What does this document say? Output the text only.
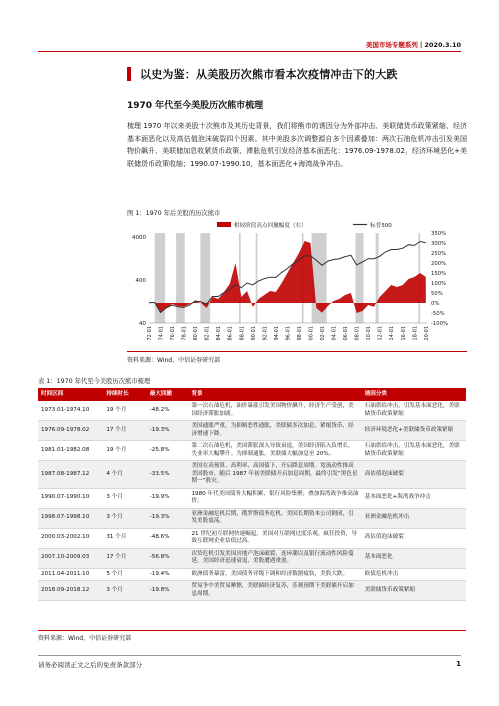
美国市场专题系列丨2020.3.10
以史为鉴：从美股历次熊市看本次疫情冲击下的大跌
1970 年代至今美股历次熊市梳理
梳理 1970 年以来美股十次熊市及其历史背景，我们将熊市的诱因分为外部冲击、美联储货币政策紧缩、经济基本面恶化以及高估值泡沫破裂四个因素。其中美股多次调整源自多个因素叠加：两次石油危机冲击引发美国物价飙升、美联储加息收紧货币政策、滞胀危机引发经济基本面恶化：1976.09-1978.02，经济环境恶化+美联储货币政策收缩；1990.07-1990.10，基本面恶化+海湾战争冲击。
图 1：1970 年后美股的历次熊市
相较阶段高点回撤幅度（右）	标普500
4000
400
40
350%
300%
250%
200%
150%
100%
50%
0%
-50%
-100%
72-01 74-01 76-01 78-01 80-01 82-01 84-01 86-01 88-01 90-01 92-01 94-01 96-01 98-01 00-01 02-01 04-01 06-01 08-01 10-01 12-01 14-01 16-01 18-01 20-01
资料来源：Wind，中信证券研究部
表 1：1970 年代至今美股历次熊市梳理
时间区间	持续时长	最大回撤	背景	诱因分类
1973.01-1974.10	19 个月	-48.2%	第一次石油危机，油价暴涨引发美国物价飙升，经济生产受创，美国经济滞胀加剧。	石油供给冲击，引发基本面恶化，美联储货币政策紧缩
1976.09-1978.02	17 个月	-19.3%	美国通胀严重，为抑制恶性通胀，美联储多次加息，紧缩货币，经济增速下降。	经济环境恶化+美联储货币政策紧缩
1981.01-1982.08	19 个月	-25.8%	第二次石油危机，美国滞胀深入导致衰退，美国经济陷入负增长，失业率大幅攀升。为抑制通胀，美联储大幅加息至 20%。	石油供给冲击，引发基本面恶化，美联储货币政策紧缩
1987.08-1987.12	4 个月	-33.5%	美国在高预算、高利率、高国债下，开启降息周期。宽流动性推高美国股市，随后 1987 年初美联储开启加息周期，最终引发“黑色星期一”股灾。	高估值泡沫破裂
1990.07-1990.10	3 个月	-19.9%	1980 年代美国债务大幅积累、银行风险集聚；叠加海湾战争推高油价。	基本面恶化+海湾战争冲击
1998.07-1998.10	3 个月	-19.3%	亚洲金融危机后期，俄罗斯债务危机、美国长期资本公司倒闭，引发美股震荡。	亚洲金融危机冲击
2000.03-2002.10	31 个月	-48.6%	21 世纪初互联网快速崛起，美国对互联网过度乐观，疯狂投资，导致互联网企业估值过高。	高估值泡沫破裂
2007.10-2009.03	17 个月	-56.8%	次贷危机引发美国房地产泡沫破裂，连环潮以及银行流动性风险蔓延，美国经济迅速衰退，美股遭遇重创。	基本面恶化
2011.04-2011.10	5 个月	-19.4%	欧洲债务暴雷，美国债务评级下调和经济数据疲软，美股大跌。	欧债危机冲击
2018.09-2018.12	3 个月	-19.8%	贸易争中美贸易摩擦，美联储经济复苏，乐观预期下美联储开启加息周期。	美联储货币政策紧缩
资料来源：Wind，中信证券研究部
请务必阅读正文之后的免责条款部分	1
